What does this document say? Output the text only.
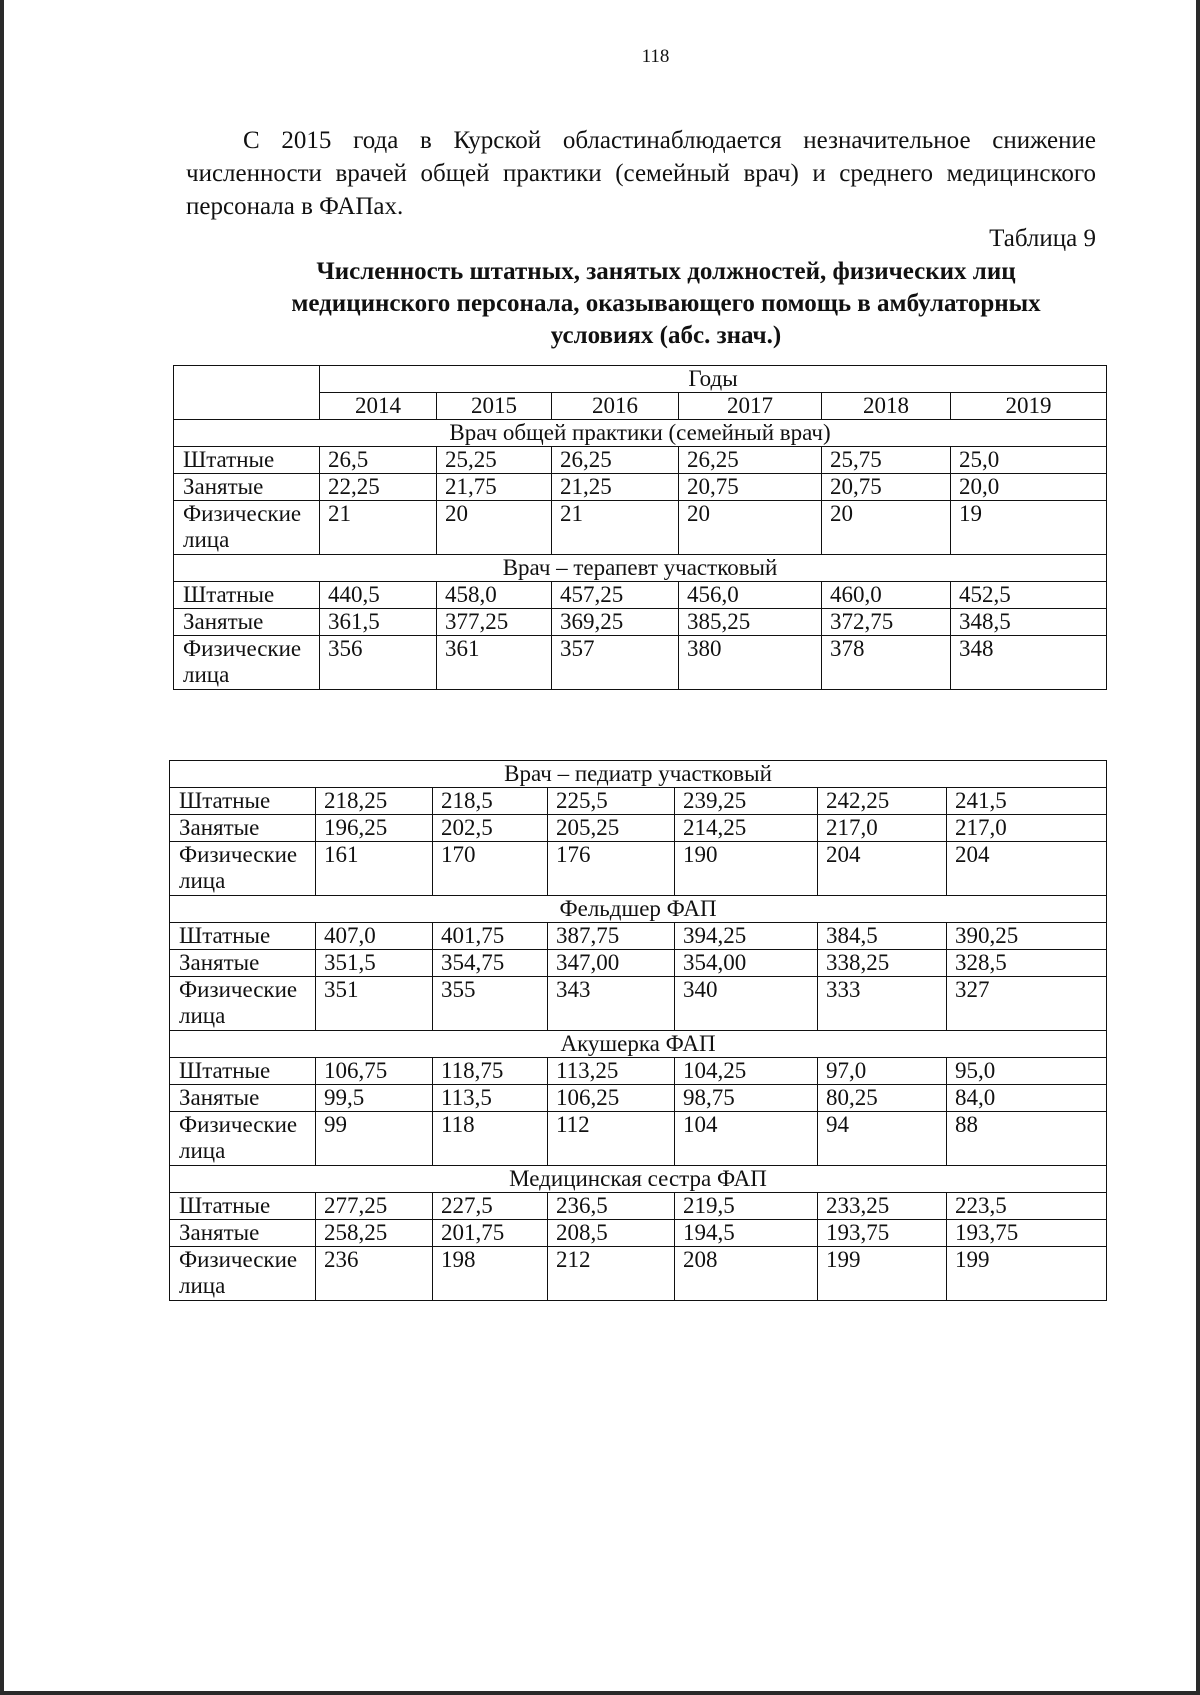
118

С 2015 года в Курской областинаблюдается незначительное снижение численности врачей общей практики (семейный врач) и среднего медицинского персонала в ФАПах.

Таблица 9
Численность штатных, занятых должностей, физических лиц
медицинского персонала, оказывающего помощь в амбулаторных
условиях (абс. знач.)
	Годы					
	2014	2015	2016	2017	2018	2019
Врач общей практики (семейный врач)						
Штатные	26,5	25,25	26,25	26,25	25,75	25,0
Занятые	22,25	21,75	21,25	20,75	20,75	20,0
Физические лица	21	20	21	20	20	19
Врач – терапевт участковый						
Штатные	440,5	458,0	457,25	456,0	460,0	452,5
Занятые	361,5	377,25	369,25	385,25	372,75	348,5
Физические лица	356	361	357	380	378	348
Врач – педиатр участковый						
Штатные	218,25	218,5	225,5	239,25	242,25	241,5
Занятые	196,25	202,5	205,25	214,25	217,0	217,0
Физические лица	161	170	176	190	204	204
Фельдшер ФАП						
Штатные	407,0	401,75	387,75	394,25	384,5	390,25
Занятые	351,5	354,75	347,00	354,00	338,25	328,5
Физические лица	351	355	343	340	333	327
Акушерка ФАП						
Штатные	106,75	118,75	113,25	104,25	97,0	95,0
Занятые	99,5	113,5	106,25	98,75	80,25	84,0
Физические лица	99	118	112	104	94	88
Медицинская сестра ФАП						
Штатные	277,25	227,5	236,5	219,5	233,25	223,5
Занятые	258,25	201,75	208,5	194,5	193,75	193,75
Физические лица	236	198	212	208	199	199
